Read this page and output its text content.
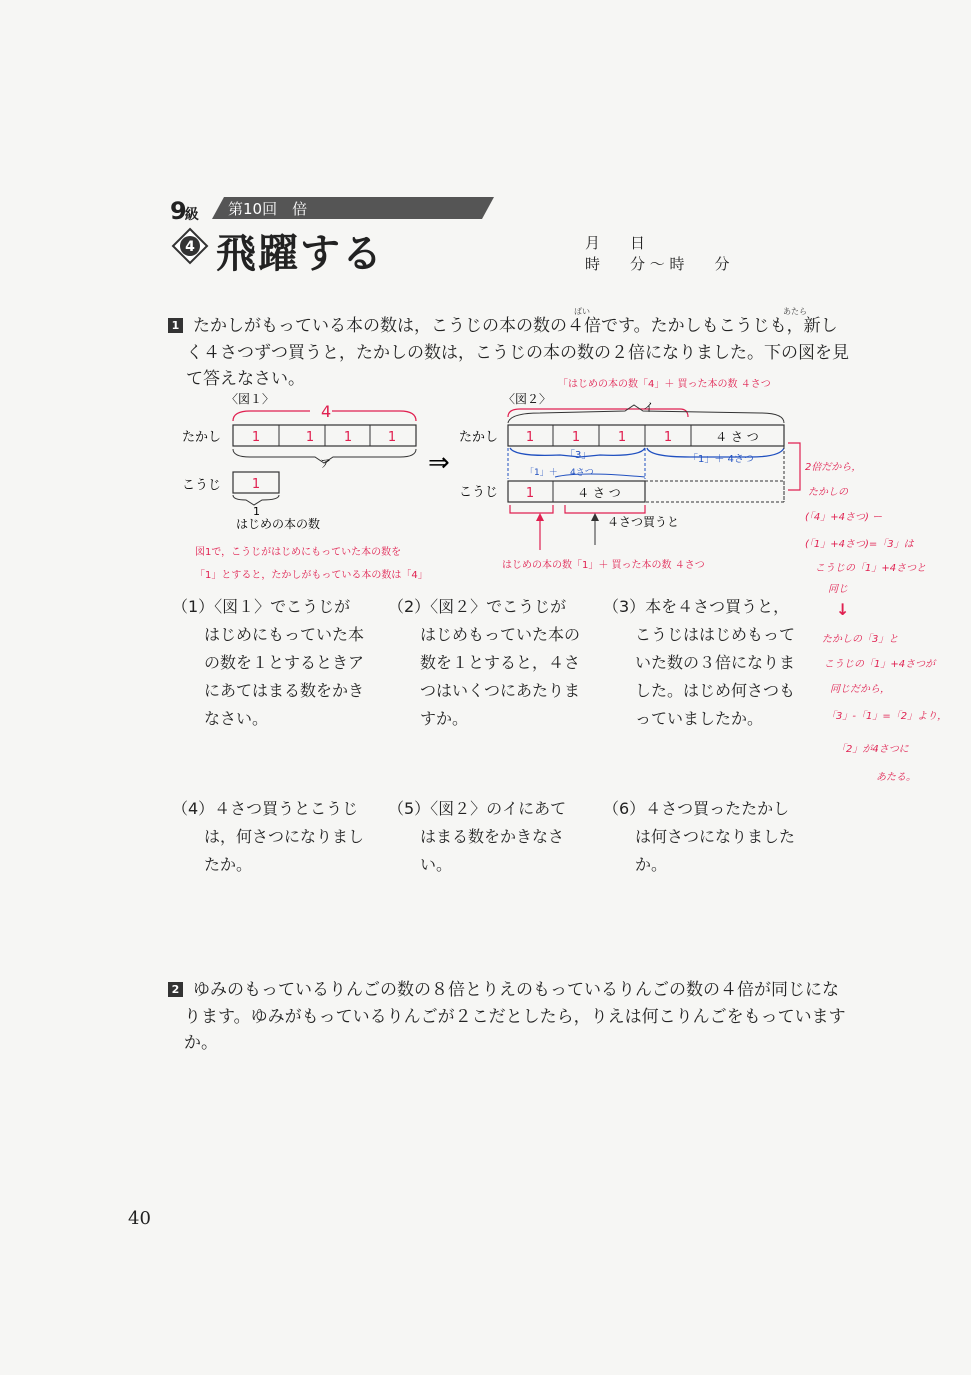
9級 第10回　倍
4 飛躍する	月　　日
時　　分 ～ 時　　分
ばい	あたら
1 たかしがもっている本の数は，こうじの本の数の４倍です。たかしもこうじも，新し
く４さつずつ買うと，たかしの数は，こうじの本の数の２倍になりました。下の図を見
て答えなさい。
〈図１〉
たかし
こうじ
4
1	1 1	1
ア
1
1
はじめの本の数
⇒
〈図２〉
「はじめの本の数「4」＋ 買った本の数 ４さつ
イ
たかし
こうじ
1	1	1	1	４ さ つ
「3」	「1」＋ 4さつ
「1」＋ 4さつ
1	４ さ つ
４さつ買うと
はじめの本の数「1」＋ 買った本の数 ４さつ
図1で，こうじがはじめにもっていた本の数を
「1」とすると，たかしがもっている本の数は「4」
2倍だから，
たかしの
(「4」+4さつ) ー
(「1」+4さつ)=「3」は
こうじの「1」+4さつと
同じ
↓
たかしの「3」と
こうじの「1」+4さつが
同じだから，
「3」-「1」=「2」より，
「2」が4さつに
あたる。
（1）〈図１〉でこうじが
　　はじめにもっていた本
　　の数を１とするときア
　　にあてはまる数をかき
　　なさい。
（2）〈図２〉でこうじが
　　はじめもっていた本の
　　数を１とすると，４さ
　　つはいくつにあたりま
　　すか。
（3）本を４さつ買うと，
　　こうじははじめもって
　　いた数の３倍になりま
　　した。はじめ何さつも
　　っていましたか。
（4）４さつ買うとこうじ
　　は，何さつになりまし
　　たか。
（5）〈図２〉のイにあて
　　はまる数をかきなさ
　　い。
（6）４さつ買ったたかし
　　は何さつになりました
　　か。
2 ゆみのもっているりんごの数の８倍とりえのもっているりんごの数の４倍が同じにな
ります。ゆみがもっているりんごが２こだとしたら，りえは何こりんごをもっています
か。
40
